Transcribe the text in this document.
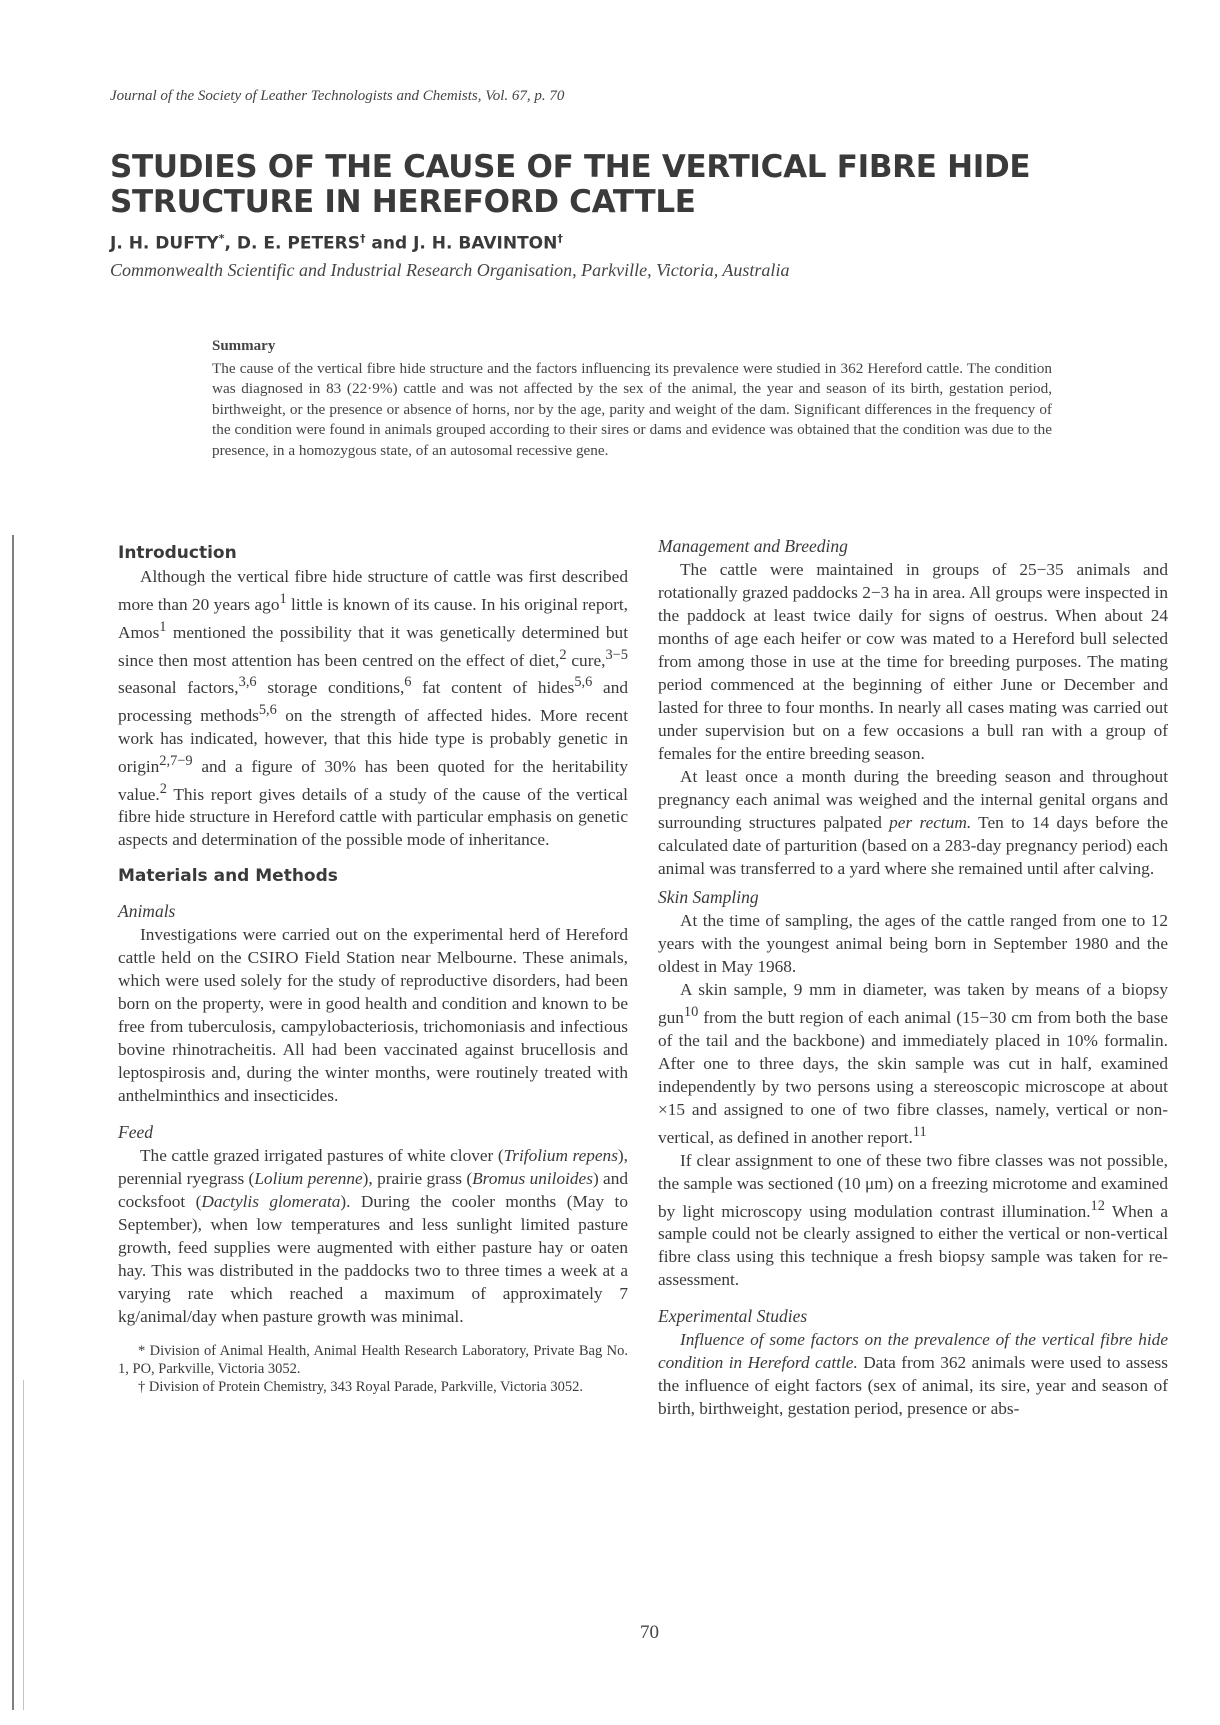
Journal of the Society of Leather Technologists and Chemists, Vol. 67, p. 70
STUDIES OF THE CAUSE OF THE VERTICAL FIBRE HIDE
STRUCTURE IN HEREFORD CATTLE
J. H. DUFTY*, D. E. PETERS† and J. H. BAVINTON†
Commonwealth Scientific and Industrial Research Organisation, Parkville, Victoria, Australia
Summary

The cause of the vertical fibre hide structure and the factors influencing its prevalence were studied in 362 Hereford cattle. The condition was diagnosed in 83 (22·9%) cattle and was not affected by the sex of the animal, the year and season of its birth, gestation period, birthweight, or the presence or absence of horns, nor by the age, parity and weight of the dam. Significant differences in the frequency of the condition were found in animals grouped according to their sires or dams and evidence was obtained that the condition was due to the presence, in a homozygous state, of an autosomal recessive gene.

Introduction

Although the vertical fibre hide structure of cattle was first described more than 20 years ago$^1$ little is known of its cause. In his original report, Amos$^1$ mentioned the possibility that it was genetically determined but since then most attention has been centred on the effect of diet,$^2$ cure,$^{3-5}$ seasonal factors,$^{3,6}$ storage conditions,$^6$ fat content of hides$^{5,6}$ and processing methods$^{5,6}$ on the strength of affected hides. More recent work has indicated, however, that this hide type is probably genetic in origin$^{2,7-9}$ and a figure of 30% has been quoted for the heritability value.$^2$ This report gives details of a study of the cause of the vertical fibre hide structure in Hereford cattle with particular emphasis on genetic aspects and determination of the possible mode of inheritance.

Materials and Methods
Animals

Investigations were carried out on the experimental herd of Hereford cattle held on the CSIRO Field Station near Melbourne. These animals, which were used solely for the study of reproductive disorders, had been born on the property, were in good health and condition and known to be free from tuberculosis, campylobacteriosis, trichomoniasis and infectious bovine rhinotracheitis. All had been vaccinated against brucellosis and leptospirosis and, during the winter months, were routinely treated with anthelminthics and insecticides.

Feed

The cattle grazed irrigated pastures of white clover (Trifolium repens), perennial ryegrass (Lolium perenne), prairie grass (Bromus uniloides) and cocksfoot (Dactylis glomerata). During the cooler months (May to September), when low temperatures and less sunlight limited pasture growth, feed supplies were augmented with either pasture hay or oaten hay. This was distributed in the paddocks two to three times a week at a varying rate which reached a maximum of approximately 7 kg/animal/day when pasture growth was minimal.

* Division of Animal Health, Animal Health Research Laboratory, Private Bag No. 1, PO, Parkville, Victoria 3052.

† Division of Protein Chemistry, 343 Royal Parade, Parkville, Victoria 3052.

Management and Breeding

The cattle were maintained in groups of 25−35 animals and rotationally grazed paddocks 2−3 ha in area. All groups were inspected in the paddock at least twice daily for signs of oestrus. When about 24 months of age each heifer or cow was mated to a Hereford bull selected from among those in use at the time for breeding purposes. The mating period commenced at the beginning of either June or December and lasted for three to four months. In nearly all cases mating was carried out under supervision but on a few occasions a bull ran with a group of females for the entire breeding season.

At least once a month during the breeding season and throughout pregnancy each animal was weighed and the internal genital organs and surrounding structures palpated per rectum. Ten to 14 days before the calculated date of parturition (based on a 283-day pregnancy period) each animal was transferred to a yard where she remained until after calving.

Skin Sampling

At the time of sampling, the ages of the cattle ranged from one to 12 years with the youngest animal being born in September 1980 and the oldest in May 1968.

A skin sample, 9 mm in diameter, was taken by means of a biopsy gun$^{10}$ from the butt region of each animal (15−30 cm from both the base of the tail and the backbone) and immediately placed in 10% formalin. After one to three days, the skin sample was cut in half, examined independently by two persons using a stereoscopic microscope at about ×15 and assigned to one of two fibre classes, namely, vertical or non-vertical, as defined in another report.$^{11}$

If clear assignment to one of these two fibre classes was not possible, the sample was sectioned (10 μm) on a freezing microtome and examined by light microscopy using modulation contrast illumination.$^{12}$ When a sample could not be clearly assigned to either the vertical or non-vertical fibre class using this technique a fresh biopsy sample was taken for re-assessment.

Experimental Studies

Influence of some factors on the prevalence of the vertical fibre hide condition in Hereford cattle. Data from 362 animals were used to assess the influence of eight factors (sex of animal, its sire, year and season of birth, birthweight, gestation period, presence or abs-

70
